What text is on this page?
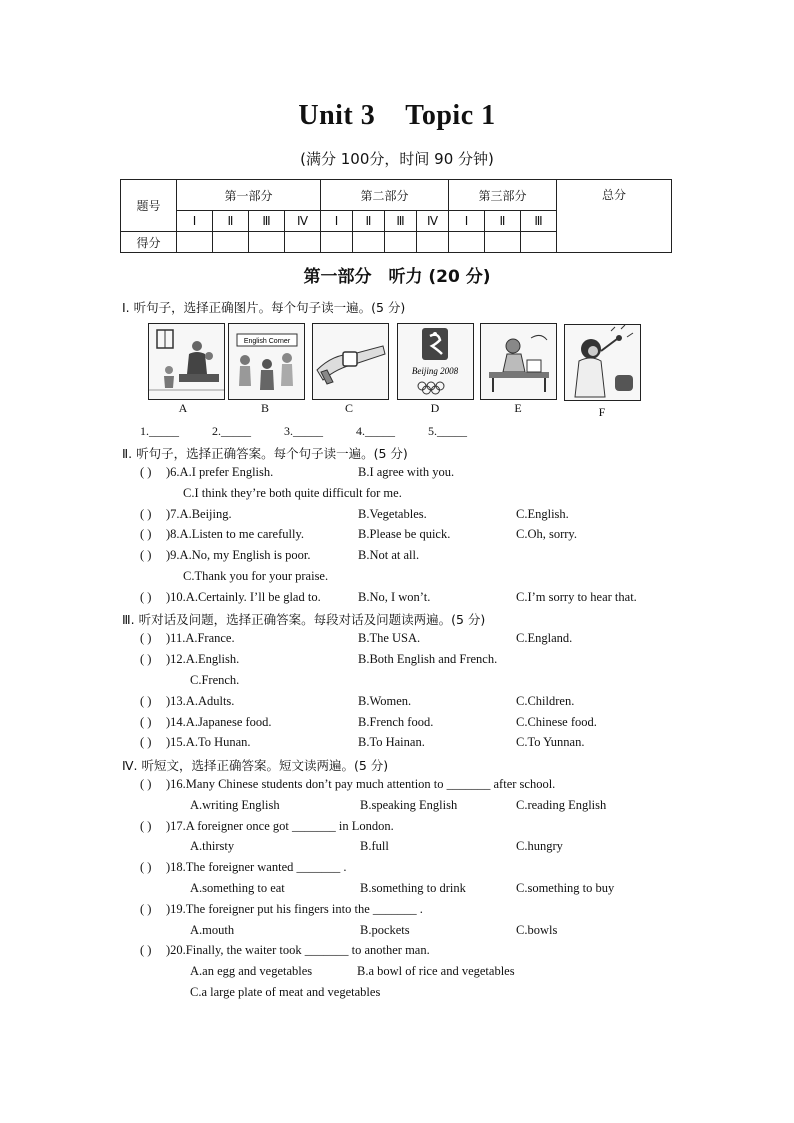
Unit 3 Topic 1
(满分 100分，时间 90 分钟)
题号	第一部分				第二部分				第三部分			总分
	Ⅰ	Ⅱ	Ⅲ	Ⅳ	Ⅰ	Ⅱ	Ⅲ	Ⅳ	Ⅰ	Ⅱ	Ⅲ	
得分												
第一部分　听力 (20 分)
Ⅰ. 听句子，选择正确图片。每个句子读一遍。(5 分)
A
English Corner
B	C
Beijing 2008
D	E	F
1._____	2._____	3._____	4._____	5._____
Ⅱ. 听句子，选择正确答案。每个句子读一遍。(5 分)
( ) )6.A.I prefer English.	B.I agree with you.
C.I think they’re both quite difficult for me.
( ) )7.A.Beijing.	B.Vegetables.	C.English.
( ) )8.A.Listen to me carefully.	B.Please be quick.	C.Oh, sorry.
( ) )9.A.No, my English is poor.	B.Not at all.
C.Thank you for your praise.
( ) )10.A.Certainly. I’ll be glad to.	B.No, I won’t.	C.I’m sorry to hear that.
Ⅲ. 听对话及问题，选择正确答案。每段对话及问题读两遍。(5 分)
( ) )11.A.France.	B.The USA.	C.England.
( ) )12.A.English.	B.Both English and French.
C.French.
( ) )13.A.Adults.	B.Women.	C.Children.
( ) )14.A.Japanese food.	B.French food.	C.Chinese food.
( ) )15.A.To Hunan.	B.To Hainan.	C.To Yunnan.
Ⅳ. 听短文，选择正确答案。短文读两遍。(5 分)
( ) )16.Many Chinese students don’t pay much attention to _______ after school.
A.writing English	B.speaking English	C.reading English
( ) )17.A foreigner once got _______ in London.
A.thirsty	B.full	C.hungry
( ) )18.The foreigner wanted _______ .
A.something to eat	B.something to drink	C.something to buy
( ) )19.The foreigner put his fingers into the _______ .
A.mouth	B.pockets	C.bowls
( ) )20.Finally, the waiter took _______ to another man.
A.an egg and vegetables	B.a bowl of rice and vegetables
C.a large plate of meat and vegetables
